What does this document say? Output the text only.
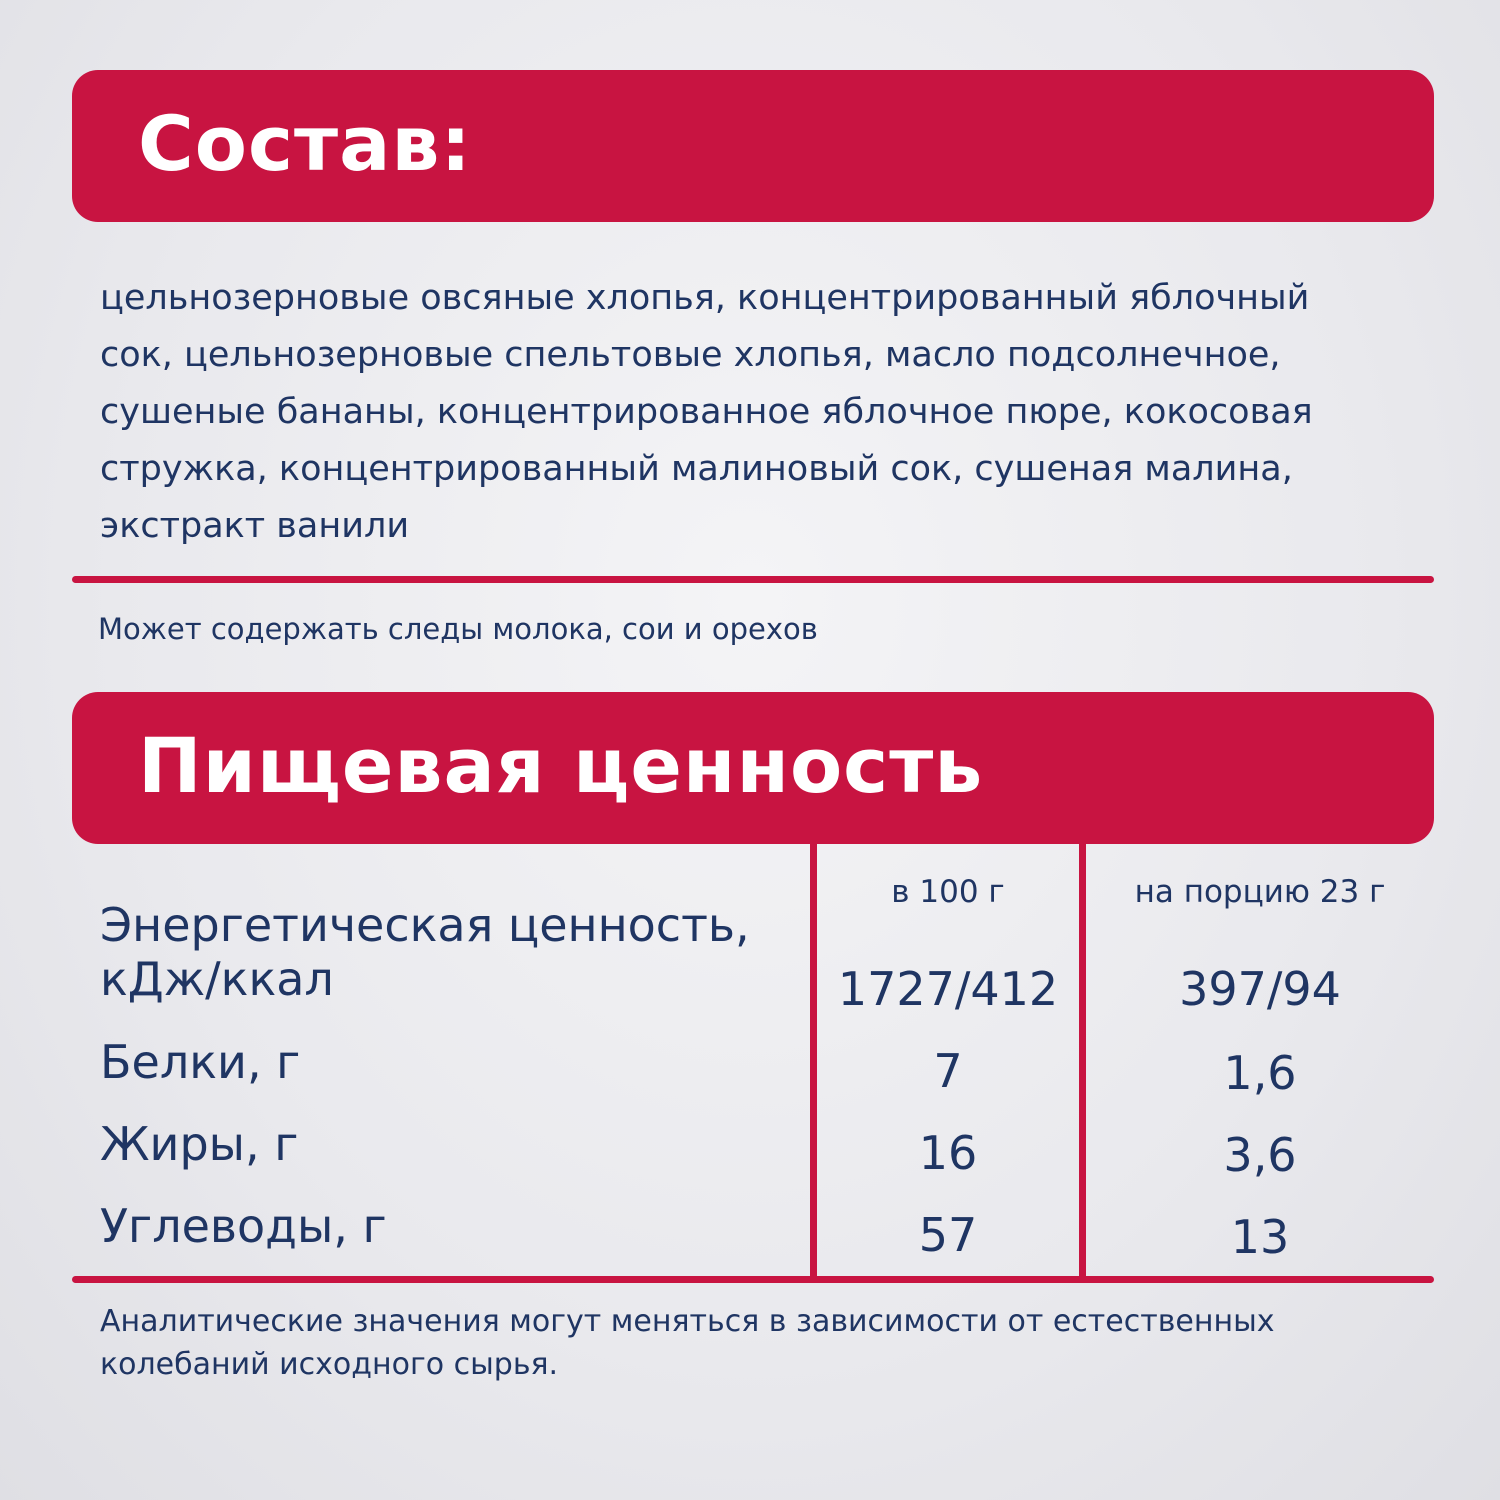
Состав:
цельнозерновые овсяные хлопья, концентрированный яблочный
сок, цельнозерновые спельтовые хлопья, масло подсолнечное,
сушеные бананы, концентрированное яблочное пюре, кокосовая
стружка, концентрированный малиновый сок, сушеная малина,
экстракт ванили
Может содержать следы молока, сои и орехов
Пищевая ценность
в 100 г	на порцию 23 г
Энергетическая ценность,
кДж/ккал	1727/412	397/94
Белки, г	7	1,6
Жиры, г	16	3,6
Углеводы, г	57	13
Аналитические значения могут меняться в зависимости от естественных
колебаний исходного сырья.
